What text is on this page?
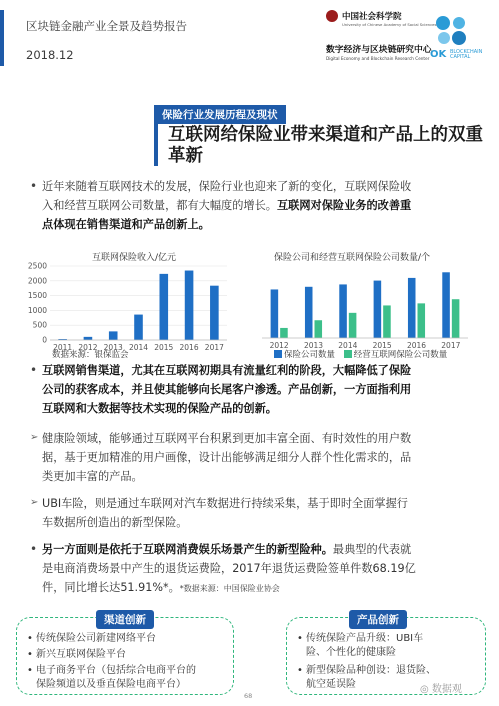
区块链金融产业全景及趋势报告
2018.12
中国社会科学院
University of Chinese Academy of Social Sciences
数字经济与区块链研究中心
Digital Economy and Blockchain Research Center OK BLOCKCHAIN
CAPITAL
保险行业发展历程及现状
互联网给保险业带来渠道和产品上的双重
革新
• 近年来随着互联网技术的发展，保险行业也迎来了新的变化，互联网保险收
入和经营互联网公司数量，都有大幅度的增长。互联网对保险业务的改善重
点体现在销售渠道和产品创新上。
互联网保险收入/亿元
0
500
1000
1500
2000
2500
2011 2012 2013 2014 2015 2016 2017
数据来源：银保监会
保险公司和经营互联网保险公司数量/个
2012 2013 2014 2015 2016 2017
保险公司数量 经营互联网保险公司数量
• 互联网销售渠道，尤其在互联网初期具有流量红利的阶段，大幅降低了保险
公司的获客成本，并且使其能够向长尾客户渗透。产品创新，一方面指利用
互联网和大数据等技术实现的保险产品的创新。
➢ 健康险领域，能够通过互联网平台积累到更加丰富全面、有时效性的用户数
据，基于更加精准的用户画像，设计出能够满足细分人群个性化需求的，品
类更加丰富的产品。
➢ UBI车险，则是通过车联网对汽车数据进行持续采集，基于即时全面掌握行
车数据所创造出的新型保险。
• 另一方面则是依托于互联网消费娱乐场景产生的新型险种。最典型的代表就
是电商消费场景中产生的退货运费险，2017年退货运费险签单件数68.19亿
件，同比增长达51.91%*。*数据来源：中国保险业协会
渠道创新
• 传统保险公司新建网络平台
• 新兴互联网保险平台
• 电子商务平台（包括综合电商平台的
保险频道以及垂直保险电商平台）
产品创新
• 传统保险产品升级：UBI车
险、个性化的健康险
• 新型保险品种创设：退货险、
航空延误险
68
◎ 数据观
